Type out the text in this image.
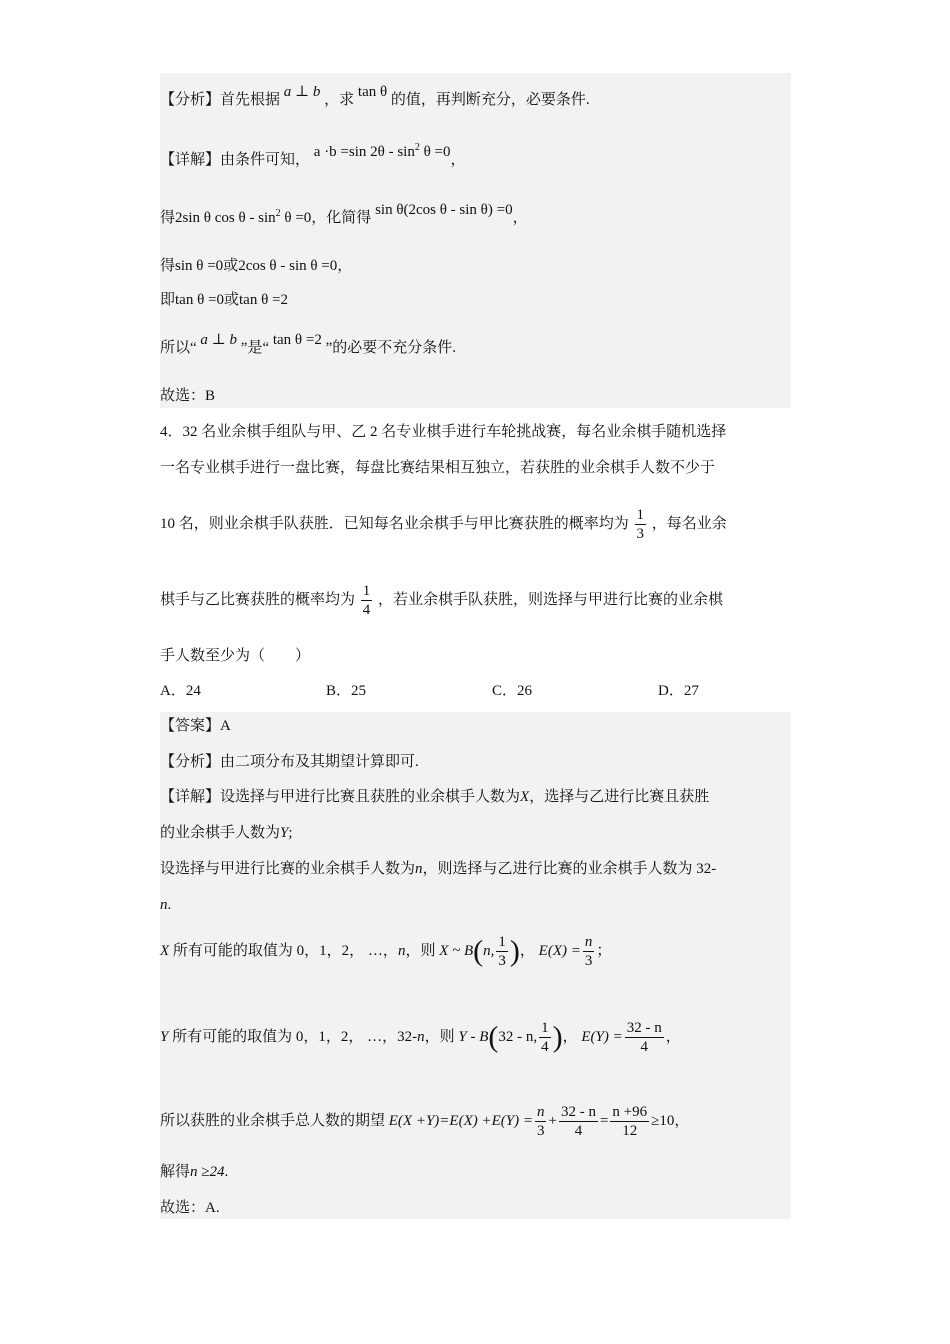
【分析】首先根据 a ⊥ b ，求 tan θ 的值，再判断充分，必要条件.
【详解】由条件可知， a ·b =sin $2\theta - \sin^2 \theta =0$，
得2sin θ $\cos \theta - \sin^2 \theta =0$，化简得 sin θ(2cos θ - sin θ) =0，
得sin θ =0或2cos θ - sin θ =0，
即tan θ =0或tan θ =2
所以“ a ⊥ b ”是“ tan θ =2 ”的必要不充分条件.
故选：B
4．32 名业余棋手组队与甲、乙 2 名专业棋手进行车轮挑战赛，每名业余棋手随机选择
一名专业棋手进行一盘比赛，每盘比赛结果相互独立，若获胜的业余棋手人数不少于
10 名，则业余棋手队获胜．已知每名业余棋手与甲比赛获胜的概率均为 $\frac{1}{3}$ ，每名业余
棋手与乙比赛获胜的概率均为 $\frac{1}{4}$ ，若业余棋手队获胜，则选择与甲进行比赛的业余棋
手人数至少为（　　）
A．24	B．25	C．26	D．27
【答案】A
【分析】由二项分布及其期望计算即可.
【详解】设选择与甲进行比赛且获胜的业余棋手人数为X，选择与乙进行比赛且获胜
的业余棋手人数为Y;
设选择与甲进行比赛的业余棋手人数为n，则选择与乙进行比赛的业余棋手人数为 32-
n.
X 所有可能的取值为 0，1，2， …，n，则 X ~ B(n, $\frac{1}{3}$ )， $E(X) = \frac{n}{3}$ ；
Y 所有可能的取值为 0，1，2， …，32-n，则 Y - B(32 - n, $\frac{1}{4}$ )， $E(Y) = \frac{32 - n}{4}$ ，
所以获胜的业余棋手总人数的期望 $E(X +Y)=E(X) +E(Y) = \frac{n}{3} + \frac{32 - n}{4} = \frac{n +96}{12} \ge 10$，
解得n ≥24.
故选：A.
